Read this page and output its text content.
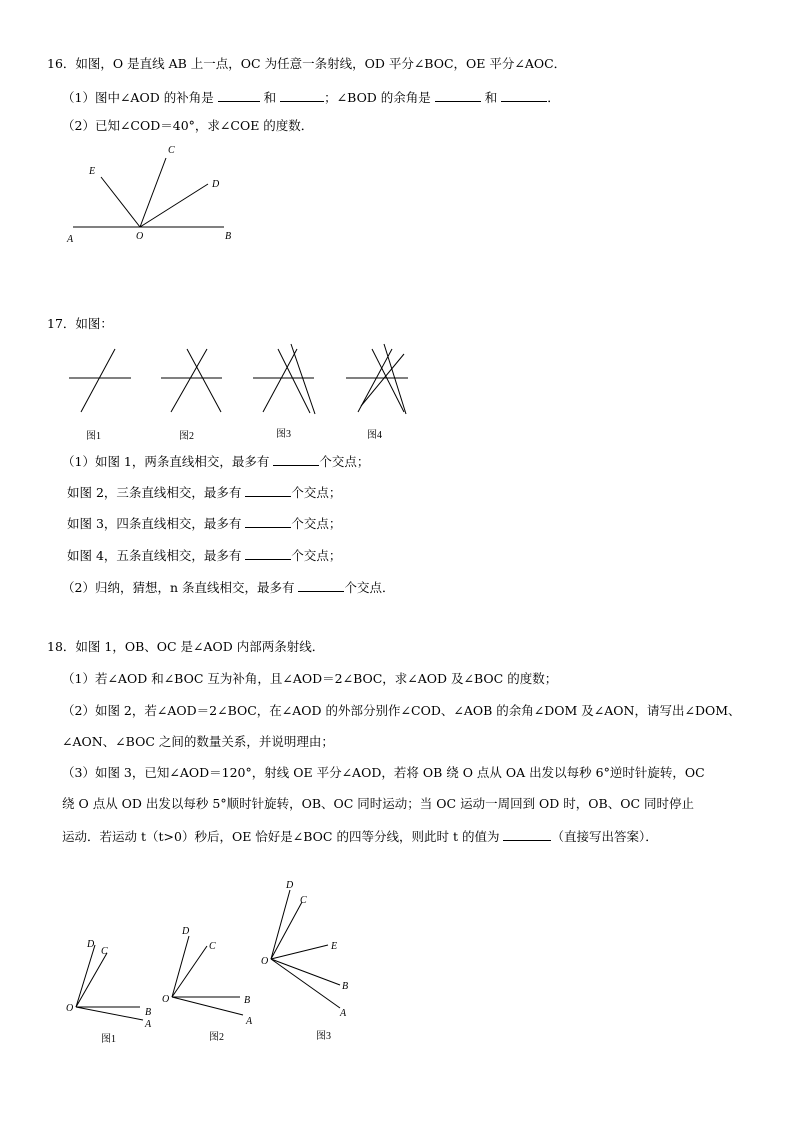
16．如图，O 是直线 AB 上一点，OC 为任意一条射线，OD 平分∠BOC，OE 平分∠AOC．
（1）图中∠AOD 的补角是	和	；∠BOD 的余角是	和	．
（2）已知∠COD＝40°，求∠COE 的度数．
E
C
D
A	O	B
17．如图：
图1	图2	图3	图4
（1）如图 1，两条直线相交，最多有	个交点；
如图 2，三条直线相交，最多有	个交点；
如图 3，四条直线相交，最多有	个交点；
如图 4，五条直线相交，最多有	个交点；
（2）归纳，猜想，n 条直线相交，最多有	个交点．
18．如图 1，OB、OC 是∠AOD 内部两条射线．
（1）若∠AOD 和∠BOC 互为补角，且∠AOD＝2∠BOC，求∠AOD 及∠BOC 的度数；
（2）如图 2，若∠AOD＝2∠BOC，在∠AOD 的外部分别作∠COD、∠AOB 的余角∠DOM 及∠AON，请写出∠DOM、
∠AON、∠BOC 之间的数量关系，并说明理由；
（3）如图 3，已知∠AOD＝120°，射线 OE 平分∠AOD，若将 OB 绕 O 点从 OA 出发以每秒 6°逆时针旋转，OC
绕 O 点从 OD 出发以每秒 5°顺时针旋转，OB、OC 同时运动；当 OC 运动一周回到 OD 时，OB、OC 同时停止
运动．若运动 t（t>0）秒后，OE 恰好是∠BOC 的四等分线，则此时 t 的值为	（直接写出答案）．
D
C
O	B
A
D
C
O	B
A
D
C
E
O
B
A
图1	图2	图3
